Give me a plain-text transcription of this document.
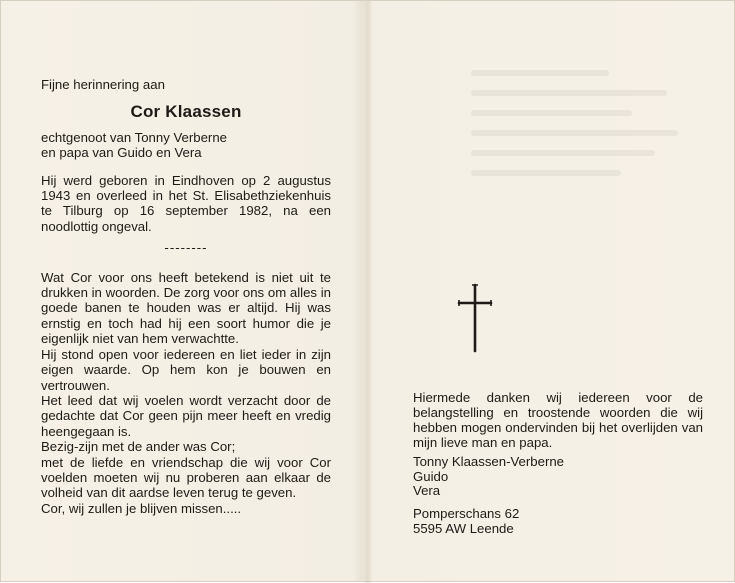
Fijne herinnering aan

Cor Klaassen

echtgenoot van Tonny Verberne

en papa van Guido en Vera

Hij werd geboren in Eindhoven op 2 augustus 1943 en overleed in het St. Elisabethziekenhuis te Tilburg op 16 september 1982, na een noodlottig ongeval.

--------

Wat Cor voor ons heeft betekend is niet uit te drukken in woorden. De zorg voor ons om alles in goede banen te houden was er altijd. Hij was ernstig en toch had hij een soort humor die je eigenlijk niet van hem verwachtte.

Hij stond open voor iedereen en liet ieder in zijn eigen waarde. Op hem kon je bouwen en vertrouwen.

Het leed dat wij voelen wordt verzacht door de gedachte dat Cor geen pijn meer heeft en vredig heengegaan is.

Bezig-zijn met de ander was Cor;

met de liefde en vriendschap die wij voor Cor voelden moeten wij nu proberen aan elkaar de volheid van dit aardse leven terug te geven.

Cor, wij zullen je blijven missen.....

Hiermede danken wij iedereen voor de belangstelling en troostende woorden die wij hebben mogen ondervinden bij het overlijden van mijn lieve man en papa.

Tonny Klaassen-Verberne
Guido
Vera
Pomperschans 62
5595 AW Leende
